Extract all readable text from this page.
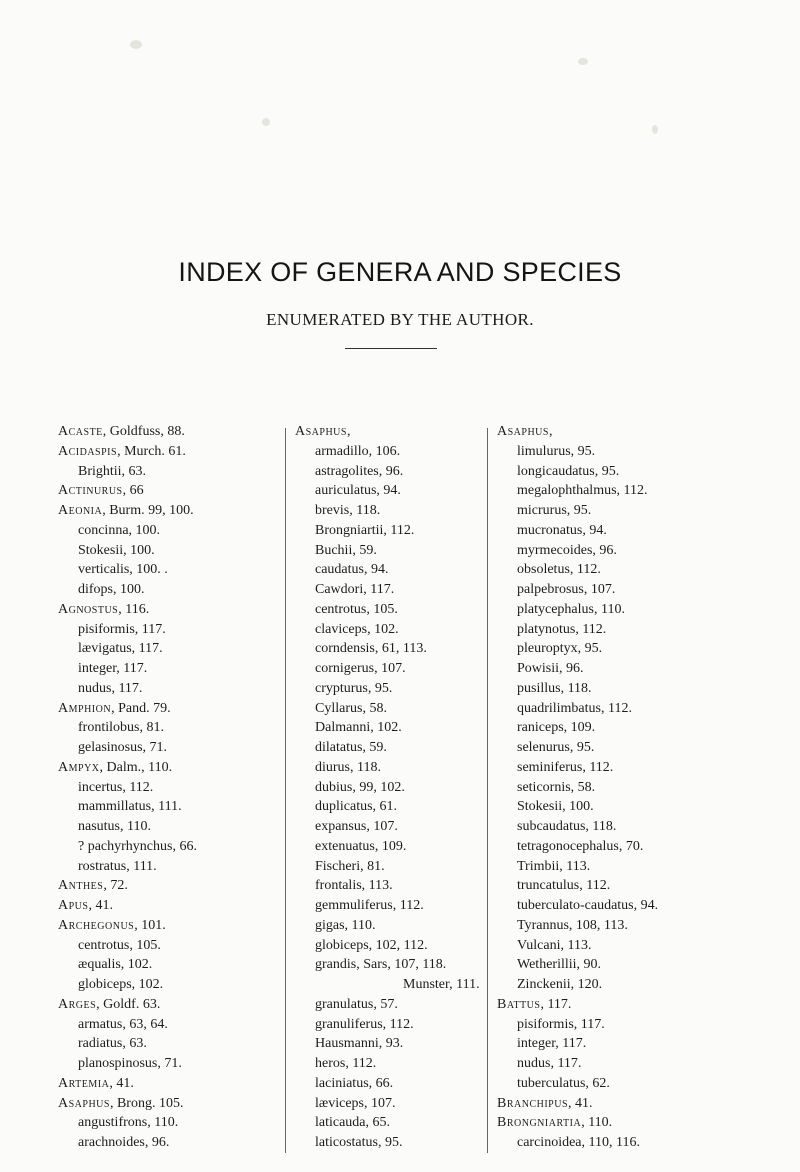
INDEX OF GENERA AND SPECIES
ENUMERATED BY THE AUTHOR.
Acaste, Goldfuss, 88.
Acidaspis, Murch. 61.
Brightii, 63.
Actinurus, 66
Aeonia, Burm. 99, 100.
concinna, 100.
Stokesii, 100.
verticalis, 100. .
difops, 100.
Agnostus, 116.
pisiformis, 117.
lævigatus, 117.
integer, 117.
nudus, 117.
Amphion, Pand. 79.
frontilobus, 81.
gelasinosus, 71.
Ampyx, Dalm., 110.
incertus, 112.
mammillatus, 111.
nasutus, 110.
? pachyrhynchus, 66.
rostratus, 111.
Anthes, 72.
Apus, 41.
Archegonus, 101.
centrotus, 105.
æqualis, 102.
globiceps, 102.
Arges, Goldf. 63.
armatus, 63, 64.
radiatus, 63.
planospinosus, 71.
Artemia, 41.
Asaphus, Brong. 105.
angustifrons, 110.
arachnoides, 96.
Asaphus,
armadillo, 106.
astragolites, 96.
auriculatus, 94.
brevis, 118.
Brongniartii, 112.
Buchii, 59.
caudatus, 94.
Cawdori, 117.
centrotus, 105.
claviceps, 102.
corndensis, 61, 113.
cornigerus, 107.
crypturus, 95.
Cyllarus, 58.
Dalmanni, 102.
dilatatus, 59.
diurus, 118.
dubius, 99, 102.
duplicatus, 61.
expansus, 107.
extenuatus, 109.
Fischeri, 81.
frontalis, 113.
gemmuliferus, 112.
gigas, 110.
globiceps, 102, 112.
grandis, Sars, 107, 118.
Munster, 111.
granulatus, 57.
granuliferus, 112.
Hausmanni, 93.
heros, 112.
laciniatus, 66.
læviceps, 107.
laticauda, 65.
laticostatus, 95.
Asaphus,
limulurus, 95.
longicaudatus, 95.
megalophthalmus, 112.
micrurus, 95.
mucronatus, 94.
myrmecoides, 96.
obsoletus, 112.
palpebrosus, 107.
platycephalus, 110.
platynotus, 112.
pleuroptyx, 95.
Powisii, 96.
pusillus, 118.
quadrilimbatus, 112.
raniceps, 109.
selenurus, 95.
seminiferus, 112.
seticornis, 58.
Stokesii, 100.
subcaudatus, 118.
tetragonocephalus, 70.
Trimbii, 113.
truncatulus, 112.
tuberculato-caudatus, 94.
Tyrannus, 108, 113.
Vulcani, 113.
Wetherillii, 90.
Zinckenii, 120.
Battus, 117.
pisiformis, 117.
integer, 117.
nudus, 117.
tuberculatus, 62.
Branchipus, 41.
Brongniartia, 110.
carcinoidea, 110, 116.
